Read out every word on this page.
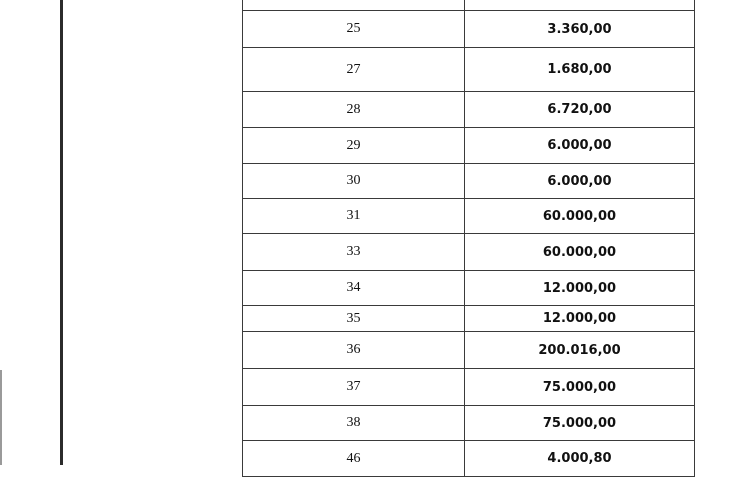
25	3.360,00
27	1.680,00
28	6.720,00
29	6.000,00
30	6.000,00
31	60.000,00
33	60.000,00
34	12.000,00
35	12.000,00
36	200.016,00
37	75.000,00
38	75.000,00
46	4.000,80
